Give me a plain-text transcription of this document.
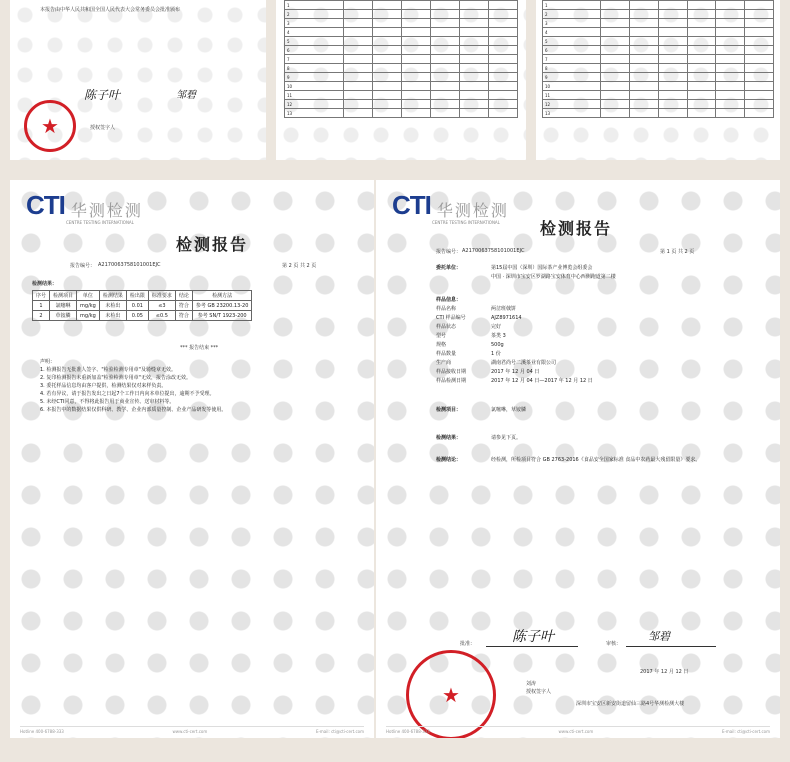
本报告由中华人民共和国全国人民代表大会常务委员会批准颁布
陈子叶	邹碧
授权签字人
★
1						
2						
3						
4						
5						
6						
7						
8						
9						
10						
11						
12						
13						
1						
2						
3						
4						
5						
6						
7						
8						
9						
10						
11						
12						
13						
CTI 华测检测
CENTRE TESTING INTERNATIONAL
检测报告
报告编号： A2170063758101001EJC	第 2 页 共 2 页
检测结果：
序号	检测项目	单位	检测结果	检出限	标准要求	结论	检测方法
1	氯噻啉	mg/kg	未检出	0.01	≤3	符合	参考 GB 23200.13-20
2	草铵膦	mg/kg	未检出	0.05	≤0.5	符合	参考 SN/T 1923-200
*** 报告结束 ***
声明：
1. 检测报告无批准人签字、"检验检测专用章"及骑缝章无效。
2. 复印检测报告未重新加盖"检验检测专用章"无效，报告涂改无效。
3. 委托样品信息均由客户提供，检测结果仅对来样负责。
4. 若有异议，请于报告发出之日起7个工作日内向本单位提出，逾期不予受理。
5. 未经CTI同意，不得将此报告用于商业宣传、送审材料等。
6. 本报告中的数据结果仅供科研、教学、企业内部质量控制、企业产品研发等使用。
Hotline 400-6788-333	www.cti-cert.com	E-mail: cti@cti-cert.com
CTI 华测检测
CENTRE TESTING INTERNATIONAL	检测报告
报告编号： A2170063758101001EJC	第 1 页 共 2 页
委托单位：	第15届中国（深圳）国际茶产业博览会组委会
中国 · 深圳市宝安区罗湖路宝安体育中心西侧跑道第二楼
样品信息：
样品名称	两岔班戟饼
CTI 样品编号	AJZ8971614
样品状态	完好
型号	茶类 3
规格	500g
样品数量	1 份
生产商	湖南君尚号二溪茶业有限公司
样品接收日期	2017 年 12 月 04 日
样品检测日期	2017 年 12 月 04 日—2017 年 12 月 12 日
检测项目：	氯噻啉，草铵膦
检测结果：	请参见下页。
检测结论：	经检测，所检项目符合 GB 2763-2016《食品安全国家标准 食品中农药最大残留限量》要求。
批准：	陈子叶	审核：
邹碧
2017 年 12 月 12 日
刘涛
授权签字人
深圳市宝安区新安街道留仙三路4号华测检测大楼
★
Hotline 400-6788-333	www.cti-cert.com	E-mail: cti@cti-cert.com
